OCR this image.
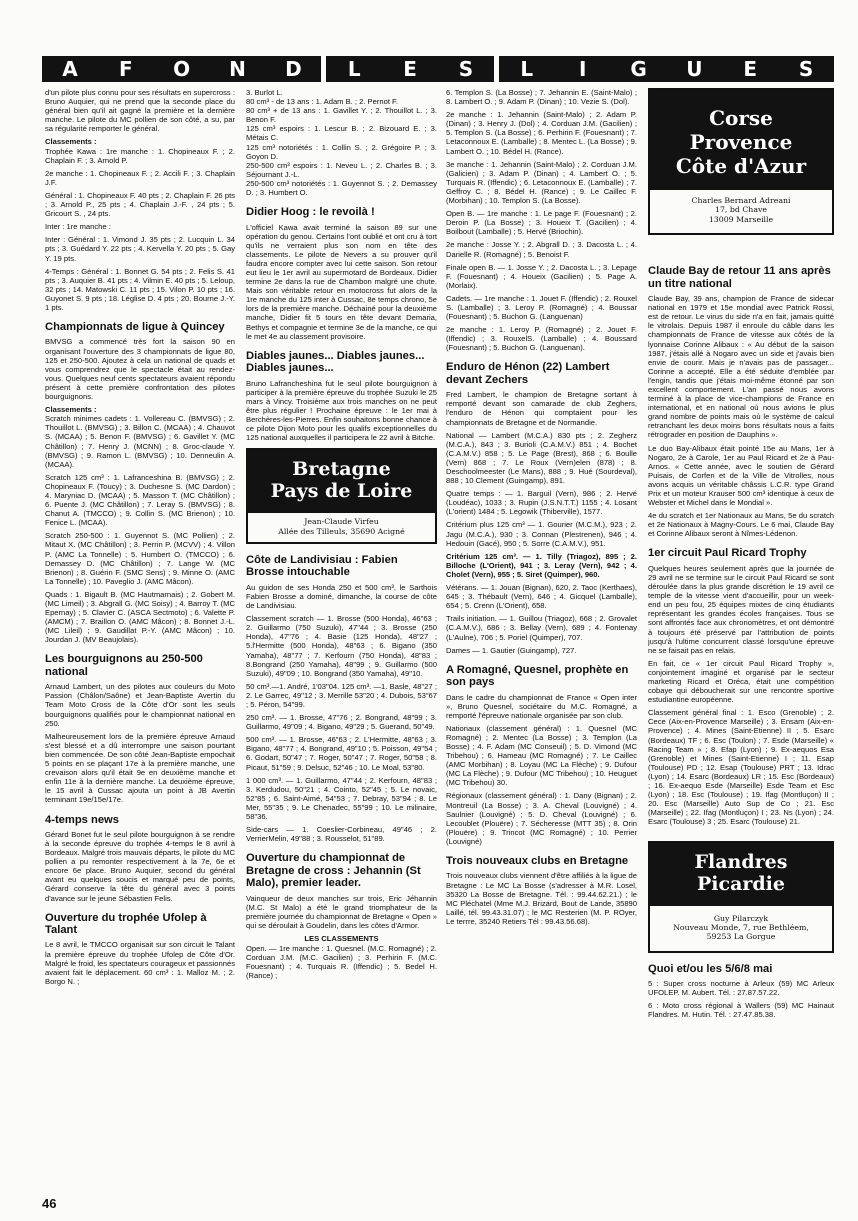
A F O N D L E S L I G U E S

d'un pilote plus connu pour ses résultats en supercross : Bruno Auquier, qui ne prend que la seconde place du général bien qu'il ait gagné la première et la dernière manche. Le pilote du MC pollien de son côté, a su, par sa régularité remporter le général.

Classements :

Trophée Kawa : 1re manche : 1. Chopineaux F. ; 2. Chaplain F. ; 3. Arnold P.

2e manche : 1. Chopineaux F. ; 2. Accili F. ; 3. Chaplain J.F.

Général : 1. Chopineaux F. 40 pts ; 2. Chaplain F. 26 pts ; 3. Arnold P., 25 pts ; 4. Chaplain J.-F. , 24 pts ; 5. Gricourt S. , 24 pts.

Inter : 1re manche :

Inter : Général : 1. Vimond J. 35 pts ; 2. Lucquin L. 34 pts ; 3. Guédard Y. 22 pts ; 4. Kervella Y. 20 pts ; 5. Gay Y. 19 pts.

4-Temps : Général : 1. Bonnet G. 54 pts ; 2. Felis S. 41 pts ; 3. Auquier B. 41 pts ; 4. Vilmin E. 40 pts ; 5. Leloup, 32 pts ; 14. Matowski C. 11 pts ; 15. Vilon P. 10 pts ; 16. Guyonet S. 9 pts ; 18. Léglise D. 4 pts ; 20. Bourne J.-Y. 1 pts.

Championnats de ligue à Quincey

BMVSG a commencé très fort la saison 90 en organisant l'ouverture des 3 championnats de ligue 80, 125 et 250-500. Ajoutez à cela un national de quads et vous comprendrez que le spectacle était au rendez-vous. Quelques neuf cents spectateurs avaient répondu présent à cette première confrontation des pilotes bourguignons.

Classements :

Scratch minimes cadets : 1. Vollereau C. (BMVSG) ; 2. Thouillot L. (BMVSG) ; 3. Billon C. (MCAA) ; 4. Chauvot S. (MCAA) ; 5. Benon F. (BMVSG) ; 6. Gavillet Y. (MC Châtillon) ; 7. Henry J. (MCNN) ; 8. Groc-claude Y. (BMVSG) ; 9. Ramon L. (BMVSG) ; 10. Denneulin A. (MCAA).

Scratch 125 cm³ : 1. Lafranceshina B. (BMVSG) ; 2. Chopineaux F. (Toucy) ; 3. Duchesne S. (MC Dardon) ; 4. Maryniac D. (MCAA) ; 5. Masson T. (MC Châtillon) ; 6. Puente J. (MC Châtillon) ; 7. Leray S. (BMVSG) ; 8. Chanut A. (TMCCO) ; 9. Collin S. (MC Brienon) ; 10. Fenice L. (MCAA).

Scratch 250-500 : 1. Guyennot S. (MC Pollien) ; 2. Mitaut X. (MC Châtillon) ; 3. Perrin P. (MCVV) ; 4. Villon P. (AMC La Tonnelle) ; 5. Humbert O. (TMCCO) ; 6. Demassey D. (MC Châtillon) ; 7. Lange W. (MC Brienon) ; 8. Guérin F. (SMC Sens) ; 9. Minne O. (AMC La Tonnelle) ; 10. Paveglio J. (AMC Mâcon).

Quads : 1. Bigault B. (MC Hautmarnais) ; 2. Gobert M. (MC Limeil) ; 3. Abgrall G. (MC Soisy) ; 4. Barroy T. (MC Epernay) ; 5. Clavier C. (ASCA Sectmoto) ; 6. Valette P. (AMCM) ; 7. Braillon O. (AMC Mâcon) ; 8. Bonnet J.-L. (MC Lileil) ; 9. Gaudillat P.-Y. (AMC Mâcon) ; 10. Jourdan J. (MV Beaujolais).

Les bourguignons au 250-500 national

Arnaud Lambert, un des pilotes aux couleurs du Moto Passion (Châlon/Saône) et Jean-Baptiste Avertin du Team Moto Cross de la Côte d'Or sont les seuls bourguignons qualifiés pour le championnat national en 250.

Malheureusement lors de la première épreuve Arnaud s'est blessé et a dû interrompre une saison pourtant bien commencée. De son côté Jean-Baptiste empochait 5 points en se plaçant 17e à la première manche, une crevaison alors qu'il était 9e en deuxième manche et enfin 11e à la dernière manche. La deuxième épreuve, le 15 avril à Cussac ajouta un point à JB Avertin terminant 19e/15e/17e.

4-temps news

Gérard Bonet fut le seul pilote bourguignon à se rendre à la seconde épreuve du trophée 4-temps le 8 avril à Bordeaux. Malgré trois mauvais départs, le pilote du MC pollien a pu remonter respectivement à la 7e, 6e et encore 6e place. Bruno Auquier, second du général avant eu quelques soucis et marqué peu de points, Gérard conserve la tête du général avec 3 points d'avance sur le jeune Sébastien Felis.

Ouverture du trophée Ufolep à Talant

Le 8 avril, le TMCCO organisait sur son circuit le Talant la première épreuve du trophée Ufolep de Côte d'Or. Malgré le froid, les spectateurs courageux et passionnés avaient fait le déplacement. 60 cm³ : 1. Malloz M. ; 2. Borgo N. ;

3. Burlot L.

80 cm³ - de 13 ans : 1. Adam B. ; 2. Pernot F.

80 cm³ + de 13 ans : 1. Gavillet Y. ; 2. Thouillot L. ; 3. Benon F.

125 cm³ espoirs : 1. Lescur B. ; 2. Bizouard E. ; 3. Métais C.

125 cm³ notoriétés : 1. Collin S. ; 2. Grégoire P. ; 3. Goyon D.

250-500 cm³ espoirs : 1. Neveu L. ; 2. Charles B. ; 3. Séjournant J.-L.

250-500 cm³ notoriétés : 1. Guyennot S. ; 2. Demassey D. ; 3. Humbert O.

Didier Hoog : le revoilà !

L'officiel Kawa avait terminé la saison 89 sur une opération du genou. Certains l'ont oublié et ont cru à tort qu'ils ne verraient plus son nom en tête des classements. Le pilote de Nevers a su prouver qu'il faudra encore compter avec lui cette saison. Son retour eut lieu le 1er avril au supermotard de Bordeaux. Didier termine 2e dans la rue de Chambon malgré une chute. Mais son véritable retour en motocross fut alors de la 1re manche du 125 inter à Cussac, 8e temps chrono, 5e lors de la première manche. Déchainé pour la deuxième manche, Didier fit 5 tours en tête devant Demaria, Bethys et compagnie et termine 3e de la manche, ce qui le met 4e au classement provisoire.

Diables jaunes... Diables jaunes... Diables jaunes...

Bruno Lafrancheshina fut le seul pilote bourguignon à participer à la première épreuve du trophée Suzuki le 25 mars à Vincy. Troisième aux trois manches on ne peut être plus régulier ! Prochaine épreuve : le 1er mai à Berchères-les-Pierres. Enfin souhaitons bonne chance à ce pilote Dijon Moto pour les qualifs exceptionnelles du 125 national auxquelles il participera le 22 avril à Bitche.

Bretagne
Pays de Loire
Jean-Claude Virfeu
Allée des Tilleuls, 35690 Acigné
Côte de Landivisiau : Fabien Brosse intouchable

Au guidon de ses Honda 250 et 500 cm³, le Sarthois Fabien Brosse a dominé, dimanche, la course de côte de Landivisiau.

Classement scratch — 1. Brosse (500 Honda), 46"63 ; 2. Guillarmo (750 Suzuki), 47"44 ; 3. Brosse (250 Honda), 47"76 ; 4. Basie (125 Honda), 48"27 ; 5.l'Hermitte (500 Honda), 48"63 ; 6. Bigano (350 Yamaha), 48"77 ; 7. Kerfourn (750 Honda), 48"83 ; 8.Bongrand (250 Yamaha), 48"99 ; 9. Guillarmo (500 Suzuki), 49"09 ; 10. Bongrand (350 Yamaha), 49"10.

50 cm³.—1. André, 1'03"04. 125 cm³. —1. Basle, 48"27 ; 2. Le Garrec, 49"12 ; 3. Merrille 53"20 ; 4. Dubois, 53"67 ; 5. Péron, 54"99.

250 cm³. — 1. Brosse, 47"76 ; 2. Bongrand, 48"99 ; 3. Guillarmo, 49"09 ; 4. Bigano, 49"29 ; 5. Guerand, 50"49.

500 cm³. — 1. Brosse, 46"63 ; 2. L'Hermitte, 48"63 ; 3. Bigano, 48"77 ; 4. Bongrand, 49"10 ; 5. Poisson, 49"54 ; 6. Godart, 50"47 ; 7. Roger, 50"47 ; 7. Roger, 50"58 ; 8. Picaut, 51"59 ; 9. Delsuc, 52"46 ; 10. Le Moal, 53"80.

1 000 cm³. — 1. Guillarmo, 47"44 ; 2. Kerfourn, 48"83 ; 3. Kerdudou, 50"21 ; 4. Cointo, 52"45 ; 5. Le novaic, 52"85 ; 6. Saint-Aimé, 54"53 ; 7. Debray, 53"94 ; 8. Le Mer, 55"35 ; 9. Le Chenadec, 55"99 ; 10. Le milinaire, 58"36.

Side-cars — 1. Coeslier-Corbineau, 49"46 ; 2. VerrierMelin, 49"88 ; 3. Rousselot, 51"89.

Ouverture du championnat de Bretagne de cross : Jehannin (St Malo), premier leader.

Vainqueur de deux manches sur trois, Eric Jéhannin (M.C. St Malo) a été le grand triomphateur de la première journée du championnat de Bretagne « Open » qui se déroulait à Goudelin, dans les côtes d'Armor.

LES CLASSEMENTS

Open. — 1re manche : 1. Quesnel. (M.C. Romagné) ; 2. Corduan J.M. (M.C. Gacilien) ; 3. Perhirin F. (M.C. Fouesnant) ; 4. Turquais R. (Iffendic) ; 5. Bedel H. (Rance) ;

6. Templon S. (La Bosse) ; 7. Jehannin E. (Saint-Malo) ; 8. Lambert O. ; 9. Adam P. (Dinan) ; 10. Vezie S. (Dol).

2e manche : 1. Jehannin (Saint-Malo) ; 2. Adam P. (Dinan) ; 3. Henry J. (Dol) ; 4. Corduan J.M. (Gacilien) ; 5. Templon S. (La Bosse) ; 6. Perhirin F. (Fouesnant) ; 7. Letaconnoux E. (Lamballe) ; 8. Mentec L. (La Bosse) ; 9. Lambert O. ; 10. Bédel H. (Rance).

3e manche : 1. Jehannin (Saint-Malo) ; 2. Corduan J.M. (Galicien) ; 3. Adam P. (Dinan) ; 4. Lambert O. ; 5. Turquais R. (Iffendic) ; 6. Letaconnoux E. (Lamballe) ; 7. Geffroy C. ; 8. Bédel H. (Rance) ; 9. Le Caillec F. (Morbihan) ; 10. Templon S. (La Bosse).

Open B. — 1re manche : 1. Le page F. (Fouesnant) ; 2. Deroin P. (La Bosse) ; 3. Houeix T. (Gacilien) ; 4. Boilbout (Lamballe) ; 5. Hervé (Briochin).

2e manche : Josse Y. ; 2. Abgrall D. ; 3. Dacosta L. ; 4. Darielle R. (Romagné) ; 5. Benoist F.

Finale open B. — 1. Josse Y. ; 2. Dacosta L. ; 3. Lepage F. (Fouesnant) ; 4. Houeix (Gacilien) ; 5. Page A. (Morlaix).

Cadets. — 1re manche : 1. Jouet F. (Iffendic) ; 2. Rouxel S. (Lamballe) ; 3. Leroy P. (Romagné) ; 4. Boussar (Fouesnant) ; 5. Buchon G. (Languenan)

2e manche : 1. Leroy P. (Romagné) ; 2. Jouet F. (Iffendic) ; 3. RouxelS. (Lamballe) ; 4. Boussard (Fouesnant) ; 5. Buchon G. (Languenan).

Enduro de Hénon (22) Lambert devant Zechers

Fred Lambert, le champion de Bretagne sortant à remporté devant son camarade de club Zeghers, l'enduro de Hénon qui comptaient pour les championnats de Bretagne et de Normandie.

National — Lambert (M.C.A.) 830 pts ; 2. Zegherz (M.C.A.), 843 ; 3. Burioli (C.A.M.V.) 851 ; 4. Bochet (C.A.M.V.) 858 ; 5. Le Page (Brest), 868 ; 6. Boulle (Vern) 868 ; 7. Le Roux (Vern)elen (878) ; 8. Deschoolmeester (Le Mans), 888 ; 9. Hué (Sourdeval), 888 ; 10 Clement (Guingamp), 891.

Quatre temps : — 1. Barguil (Vern), 986 ; 2. Hervé (Loudéac), 1033 ; 3. Rupin (J.S.N.T.T.) 1155 ; 4. Losant (L'orient) 1484 ; 5. Legowik (Thiberville), 1577.

Critérium plus 125 cm³ — 1. Gourier (M.C.M.), 923 ; 2. Jagu (M.C.A.), 930 ; 3. Connan (Plestrenen), 946 ; 4. Hedouin (Gacé), 950 ; 5. Sorre (C.A.M.V.), 951.

Critérium 125 cm³. — 1. Tilly (Triagoz), 895 ; 2. Billoche (L'Orient), 941 ; 3. Leray (Vern), 942 ; 4. Cholet (Vern), 955 ; 5. Siret (Quimper), 960.

Vétérans. — 1. Jouan (Bignan), 620, 2. Taoc (Kerthaes), 645 ; 3. Thébault (Vern), 646 ; 4. Gicquel (Lamballe), 654 ; 5. Crenn (L'Orient), 658.

Trails initiation. — 1. Guillou (Triagoz), 668 ; 2. Grovalet (C.A.M.V.), 686 ; 3. Bellay (Vern), 689 ; 4. Fontenay (L'Aulne), 706 ; 5. Poriel (Quimper), 707.

Dames — 1. Gautier (Guingamp), 727.

A Romagné, Quesnel, prophète en son pays

Dans le cadre du championnat de France « Open inter », Bruno Quesnel, sociétaire du M.C. Romagné, a remporté l'épreuve nationale organisée par son club.

Nationaux (classement général) : 1. Quesnel (MC Romagné) ; 2. Mentec (La Bosse) ; 3. Templon (La Bosse) ; 4. F. Adam (MC Conseuil) ; 5. D. Vimond (MC Tribehou) ; 6. Hameau (MC Romagné) ; 7. Le Caillec (AMC Morbihan) ; 8. Loyau (MC La Flèche) ; 9. Dufour (MC La Flèche) ; 9. Dufour (MC Tribehou) ; 10. Heuguet (MC Tribehou) 30.

Régionaux (classement général) : 1. Dany (Bignan) ; 2. Montreuil (La Bosse) ; 3. A. Cheval (Louvigné) ; 4. Saulnier (Louvigné) ; 5. D. Cheval (Louvigné) ; 6. Lecoublet (Plouëre) ; 7. Sécheresse (MTT 35) ; 8. Orin (Plouëre) ; 9. Trincot (MC Romagné) ; 10. Perrier (Louvigné)

Trois nouveaux clubs en Bretagne

Trois nouveaux clubs viennent d'être affiliés à la ligue de Bretagne : Le MC La Bosse (s'adresser à M.R. Losel, 35320 La Bosse de Bretagne. Tél. : 99.44.62.21.) ; le MC Pléchatel (Mme M.J. Brizard, Bout de Lande, 35890 Laillé, tél. 99.43.31.07) ; le MC Resterien (M. P. ROyer, Le terrre, 35240 Retiers Tél : 99.43.56.68).

Corse
Provence
Côte d'Azur
Charles Bernard Adreani
17, bd Chave
13009 Marseille
Claude Bay de retour 11 ans après un titre national

Claude Bay, 39 ans, champion de France de sidecar national en 1979 et 15e mondial avec Patrick Rossi, est de retour. Le virus du side n'a en fait, jamais quitté le vitrolais. Depuis 1987 il enroule du câble dans les championnats de France de vitesse aux côtés de la lyonnaise Corinne Alibaux : « Au début de la saison 1987, j'étais allé à Nogaro avec un side et j'avais bien envie de courir. Mais je n'avais pas de passager... Corinne a accepté. Elle a été séduite d'emblée par l'engin, tandis que j'étais moi-même étonné par son excellent comportement. L'an passé nous avons terminé à la place de vice-champions de France en international, et en national où nous avions le plus grand nombre de points mais où le système de calcul retranchant les deux moins bons résultats nous a faits rétrograder en position de Dauphins ».

Le duo Bay-Alibaux était pointé 15e au Mans, 1er à Nogaro, 2e à Carole, 1er au Paul Ricard et 2e à Pau-Arnos. « Cette année, avec le soutien de Gérard Puisais, de Corfen et de la Ville de Vitrolles, nous avons acquis un véritable châssis L.C.R. type Grand Prix et un moteur Krauser 500 cm³ identique à ceux de Webster et Michel dans le Mondial ».

4e du scratch et 1er Nationaux au Mans, 5e du scratch et 2e Nationaux à Magny-Cours. Le 6 mai, Claude Bay et Corinne Alibaux seront à Nîmes-Lédenon.

1er circuit Paul Ricard Trophy

Quelques heures seulement après que la journée de 29 avril ne se termine sur le circuit Paul Ricard se sont déroulée dans la plus grande discrétion le 19 avril ce temple de la vitesse vient d'accueillir, pour un week-end un peu fou, 25 équipes mixtes de cinq étudiants représentant les grandes écoles françaises. Tous se sont affrontés face aux chronomètres, et ont démontré à toujours été préservé par l'attribution de points jusqu'à l'ultime concurrent classé lorsqu'une épreuve ne se faisait pas en relais.

En fait, ce « 1er circuit Paul Ricard Trophy », conjointement imaginé et organisé par le secteur marketing Ricard et Oréca, était une compétition cobaye qui déboucherait sur une rencontre sportive estudiantine européenne.

Classement général final : 1. Esco (Grenoble) ; 2. Cece (Aix-en-Provence Marseille) ; 3. Ensam (Aix-en-Provence) ; 4. Mines (Saint-Etienne) II ; 5. Esarc (Bordeaux) TF ; 6. Esc (Toulon) ; 7. Esde (Marseille) « Racing Team » ; 8. Efap (Lyon) ; 9. Ex-aequos Esa (Grenoble) et Mines (Saint-Etienne) I ; 11. Esap (Toulouse) PD ; 12. Esap (Toulouse) PRT ; 13. Idrac (Lyon) ; 14. Esarc (Bordeaux) LR ; 15. Esc (Bordeaux) ; 16. Ex-aequo Esde (Marseille) Esde Team et Esc (Lyon) ; 18. Esc (Toulouse) ; 19. Ifag (Montluçon) II ; 20. Esc (Marseille) Auto Sup de Co ; 21. Esc (Marseille) ; 22. Ifag (Montluçon) I ; 23. Ns (Lyon) ; 24. Esarc (Toulouse) 3 ; 25. Esarc (Toulouse) 21.

Flandres
Picardie
Guy Pilarczyk
Nouveau Monde, 7, rue Bethléem,
59253 La Gorgue
Quoi et/ou les 5/6/8 mai

5 : Super cross nocturne à Arleux (59) MC Arleux UFOLEP. M. Aubert. Tél. : 27.87.57.22.

6 : Moto cross régional à Wallers (59) MC Hainaut Flandres. M. Hutin. Tél. : 27.47.85.38.

46
